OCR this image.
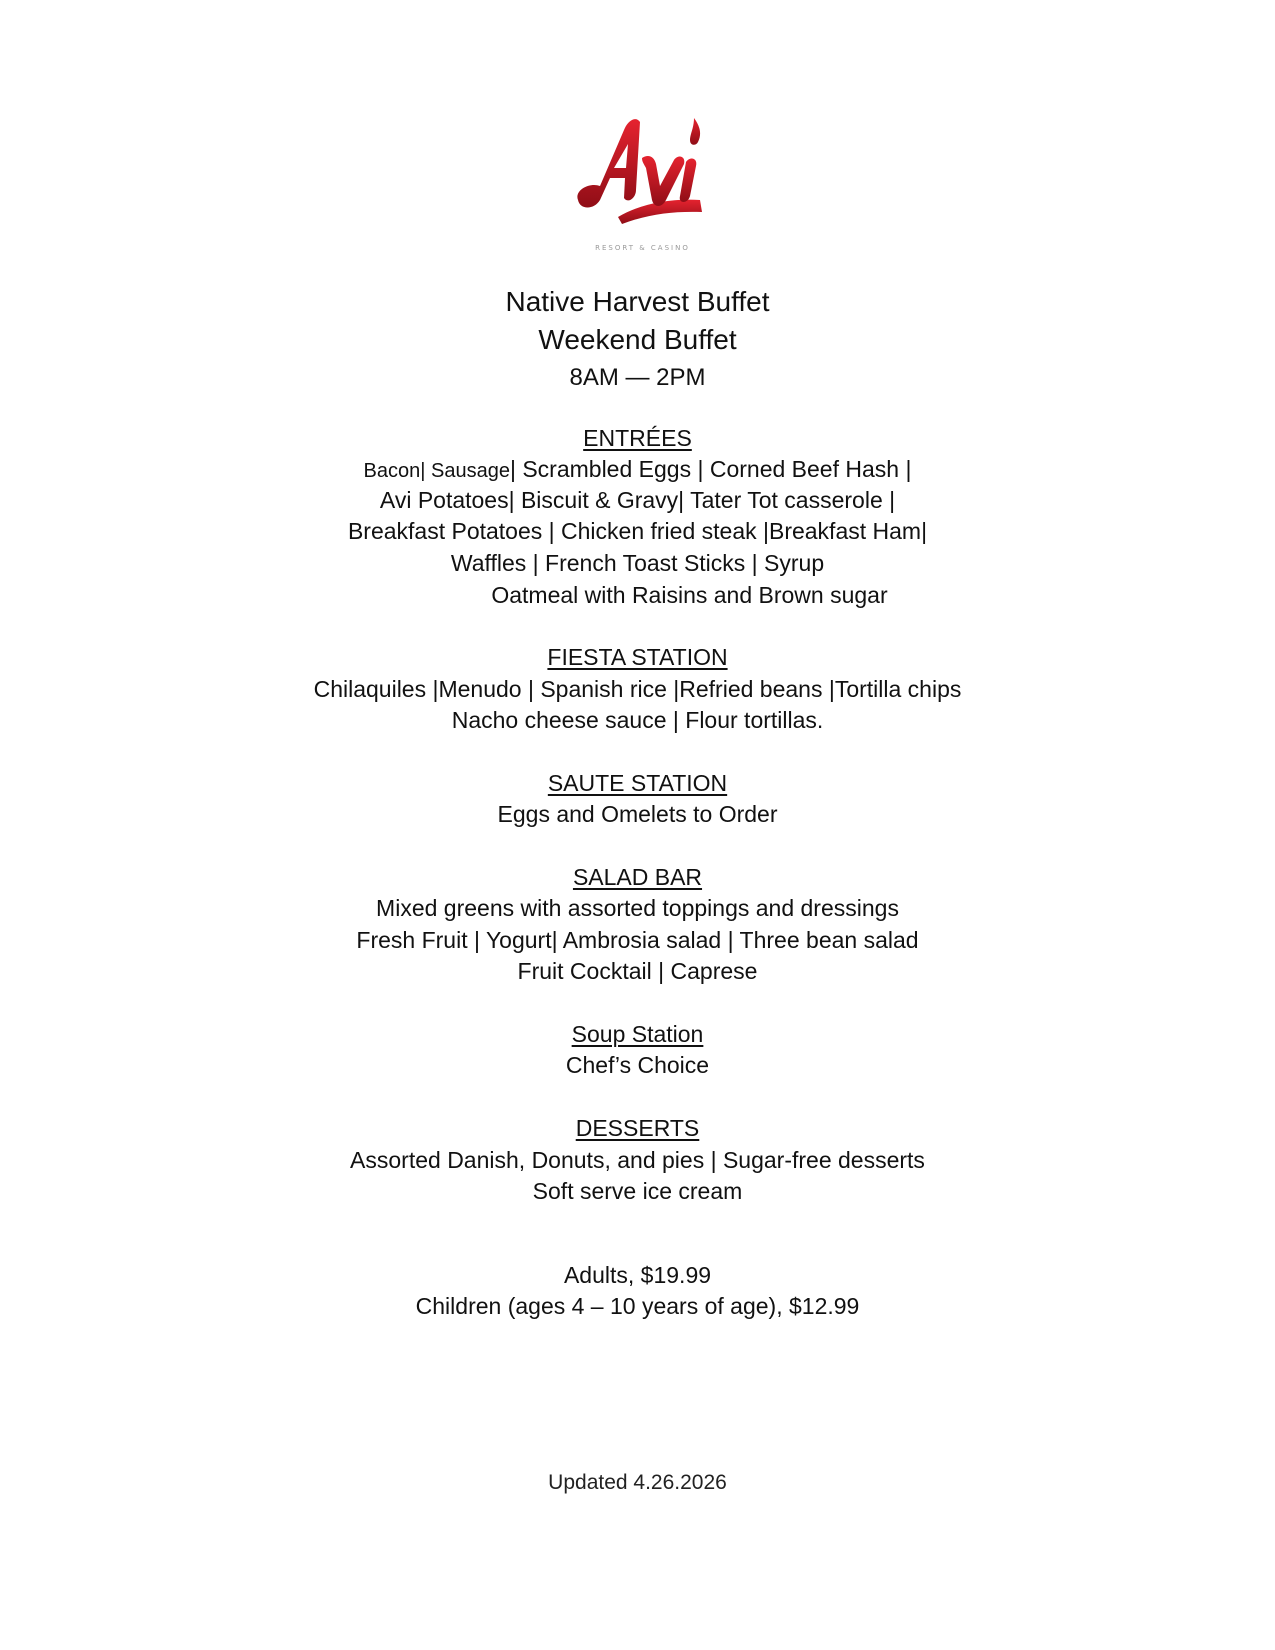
RESORT & CASINO
Native Harvest Buffet
Weekend Buffet
8AM — 2PM
ENTRÉES
Bacon| Sausage| Scrambled Eggs | Corned Beef Hash |
Avi Potatoes| Biscuit & Gravy| Tater Tot casserole |
Breakfast Potatoes | Chicken fried steak |Breakfast Ham|
Waffles | French Toast Sticks | Syrup
Oatmeal with Raisins and Brown sugar
FIESTA STATION
Chilaquiles |Menudo | Spanish rice |Refried beans |Tortilla chips
Nacho cheese sauce | Flour tortillas.
SAUTE STATION
Eggs and Omelets to Order
SALAD BAR
Mixed greens with assorted toppings and dressings
Fresh Fruit | Yogurt| Ambrosia salad | Three bean salad
Fruit Cocktail | Caprese
Soup Station
Chef’s Choice
DESSERTS
Assorted Danish, Donuts, and pies | Sugar-free desserts
Soft serve ice cream
Adults, $19.99
Children (ages 4 – 10 years of age), $12.99
Updated 4.26.2026
